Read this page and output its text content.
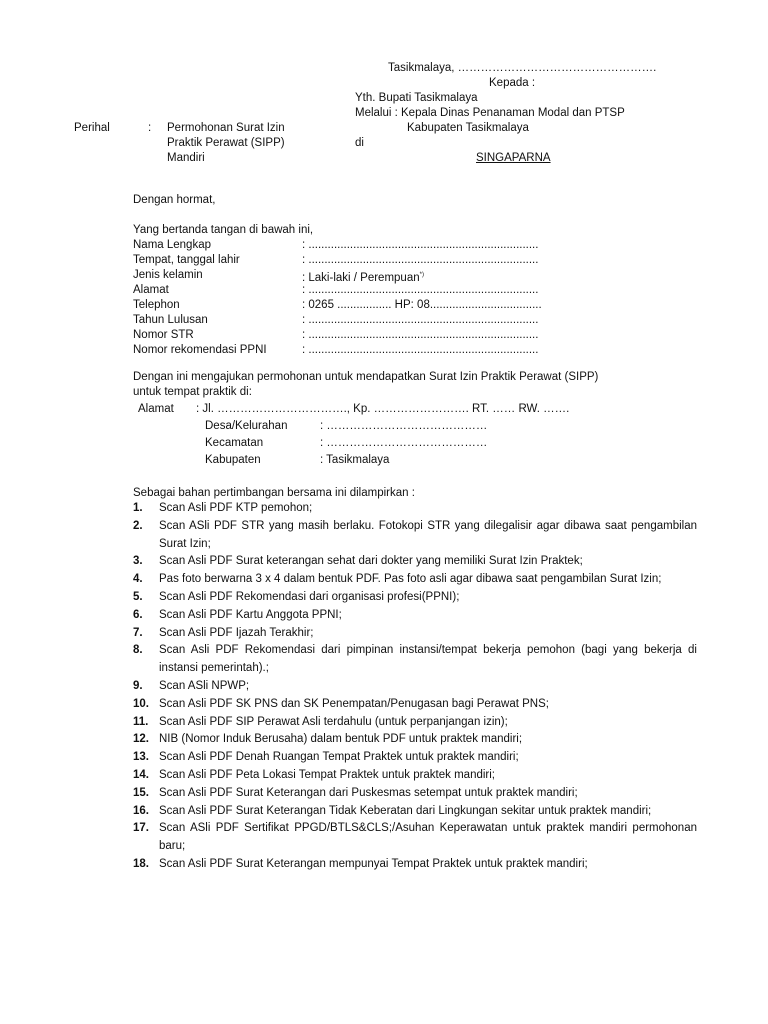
Tasikmalaya, …………………………………………….
Kepada :
Yth. Bupati Tasikmalaya
Melalui : Kepala Dinas Penanaman Modal dan PTSP
Kabupaten Tasikmalaya
di
SINGAPARNA
Perihal	: Permohonan Surat Izin
Praktik Perawat (SIPP)
Mandiri
Dengan hormat,
Yang bertanda tangan di bawah ini,
Nama Lengkap	: ........................................................................
Tempat, tanggal lahir	: ........................................................................
Jenis kelamin	: Laki-laki / Perempuan*)
Alamat	: ........................................................................
Telephon	: 0265 ................. HP: 08...................................
Tahun Lulusan	: ........................................................................
Nomor STR	: ........................................................................
Nomor rekomendasi PPNI	: ........................................................................
Dengan ini mengajukan permohonan untuk mendapatkan Surat Izin Praktik Perawat (SIPP)
untuk tempat praktik di:
Alamat : Jl. ……………………………., Kp. ……………………. RT. …… RW. …….
Desa/Kelurahan	: ……………………………………
Kecamatan	: ……………………………………
Kabupaten	: Tasikmalaya
Sebagai bahan pertimbangan bersama ini dilampirkan :
1. Scan Asli PDF KTP pemohon;
2. Scan ASli PDF STR yang masih berlaku. Fotokopi STR yang dilegalisir agar dibawa saat pengambilan Surat Izin;
3. Scan Asli PDF Surat keterangan sehat dari dokter yang memiliki Surat Izin Praktek;
4. Pas foto berwarna 3 x 4 dalam bentuk PDF. Pas foto asli agar dibawa saat pengambilan Surat Izin;
5. Scan Asli PDF Rekomendasi dari organisasi profesi(PPNI);
6. Scan Asli PDF Kartu Anggota PPNI;
7. Scan Asli PDF Ijazah Terakhir;
8. Scan Asli PDF Rekomendasi dari pimpinan instansi/tempat bekerja pemohon (bagi yang bekerja di instansi pemerintah).;
9. Scan ASli NPWP;
10. Scan Asli PDF SK PNS dan SK Penempatan/Penugasan bagi Perawat PNS;
11. Scan Asli PDF SIP Perawat Asli terdahulu (untuk perpanjangan izin);
12. NIB (Nomor Induk Berusaha) dalam bentuk PDF untuk praktek mandiri;
13. Scan Asli PDF Denah Ruangan Tempat Praktek untuk praktek mandiri;
14. Scan Asli PDF Peta Lokasi Tempat Praktek untuk praktek mandiri;
15. Scan Asli PDF Surat Keterangan dari Puskesmas setempat untuk praktek mandiri;
16. Scan Asli PDF Surat Keterangan Tidak Keberatan dari Lingkungan sekitar untuk praktek mandiri;
17. Scan ASli PDF Sertifikat PPGD/BTLS&CLS;/Asuhan Keperawatan untuk praktek mandiri permohonan baru;
18. Scan Asli PDF Surat Keterangan mempunyai Tempat Praktek untuk praktek mandiri;
